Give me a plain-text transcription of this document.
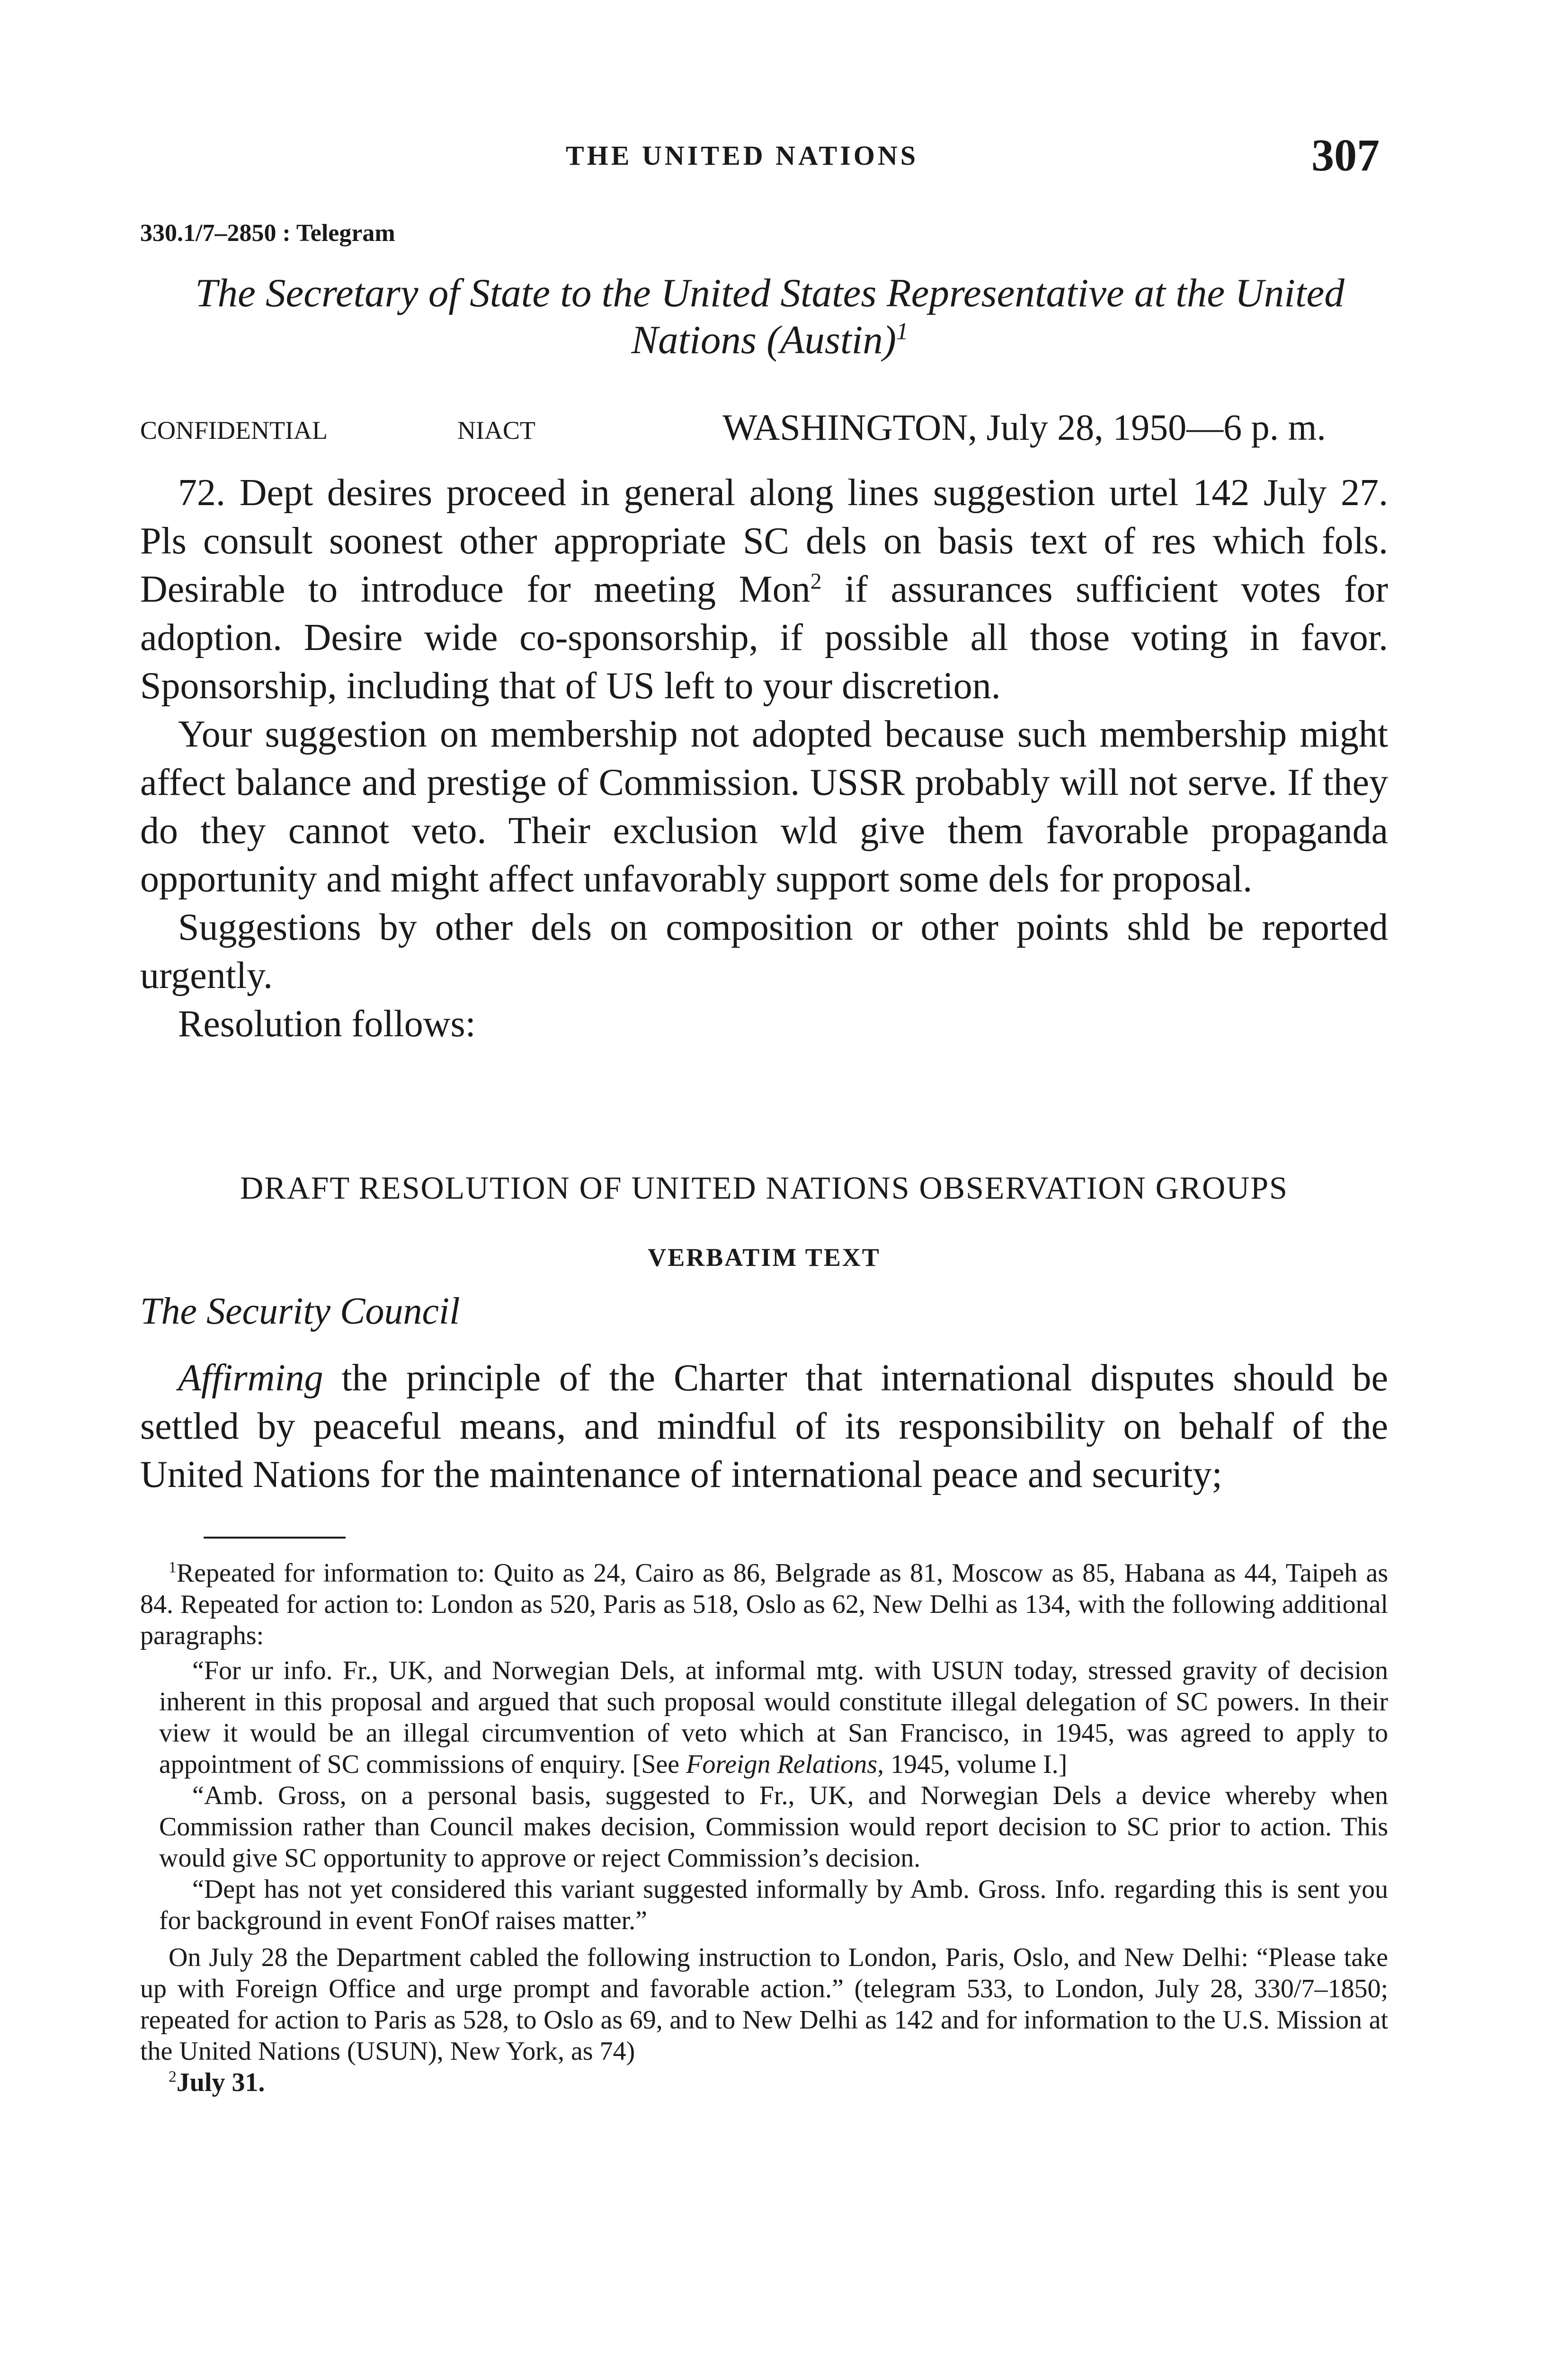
THE UNITED NATIONS	307
330.1/7–2850 : Telegram
The Secretary of State to the United States Representative at the United Nations (Austin)$^1$
CONFIDENTIAL	NIACT	WASHINGTON, July 28, 1950—6 p. m.

72. Dept desires proceed in general along lines suggestion urtel 142 July 27. Pls consult soonest other appropriate SC dels on basis text of res which fols. Desirable to introduce for meeting Mon$^2$ if assurances sufficient votes for adoption. Desire wide co-sponsorship, if possible all those voting in favor. Sponsorship, including that of US left to your discretion.

Your suggestion on membership not adopted because such membership might affect balance and prestige of Commission. USSR probably will not serve. If they do they cannot veto. Their exclusion wld give them favorable propaganda opportunity and might affect unfavorably support some dels for proposal.

Suggestions by other dels on composition or other points shld be reported urgently.

Resolution follows:

DRAFT RESOLUTION OF UNITED NATIONS OBSERVATION GROUPS
VERBATIM TEXT
The Security Council

Affirming the principle of the Charter that international disputes should be settled by peaceful means, and mindful of its responsibility on behalf of the United Nations for the maintenance of international peace and security;

$^1$Repeated for information to: Quito as 24, Cairo as 86, Belgrade as 81, Moscow as 85, Habana as 44, Taipeh as 84. Repeated for action to: London as 520, Paris as 518, Oslo as 62, New Delhi as 134, with the following additional paragraphs:

“For ur info. Fr., UK, and Norwegian Dels, at informal mtg. with USUN today, stressed gravity of decision inherent in this proposal and argued that such proposal would constitute illegal delegation of SC powers. In their view it would be an illegal circumvention of veto which at San Francisco, in 1945, was agreed to apply to appointment of SC commissions of enquiry. [See Foreign Relations, 1945, volume I.]

“Amb. Gross, on a personal basis, suggested to Fr., UK, and Norwegian Dels a device whereby when Commission rather than Council makes decision, Commission would report decision to SC prior to action. This would give SC opportunity to approve or reject Commission’s decision.

“Dept has not yet considered this variant suggested informally by Amb. Gross. Info. regarding this is sent you for background in event FonOf raises matter.”

On July 28 the Department cabled the following instruction to London, Paris, Oslo, and New Delhi: “Please take up with Foreign Office and urge prompt and favorable action.” (telegram 533, to London, July 28, 330/7–1850; repeated for action to Paris as 528, to Oslo as 69, and to New Delhi as 142 and for information to the U.S. Mission at the United Nations (USUN), New York, as 74)

$^2$July 31.
